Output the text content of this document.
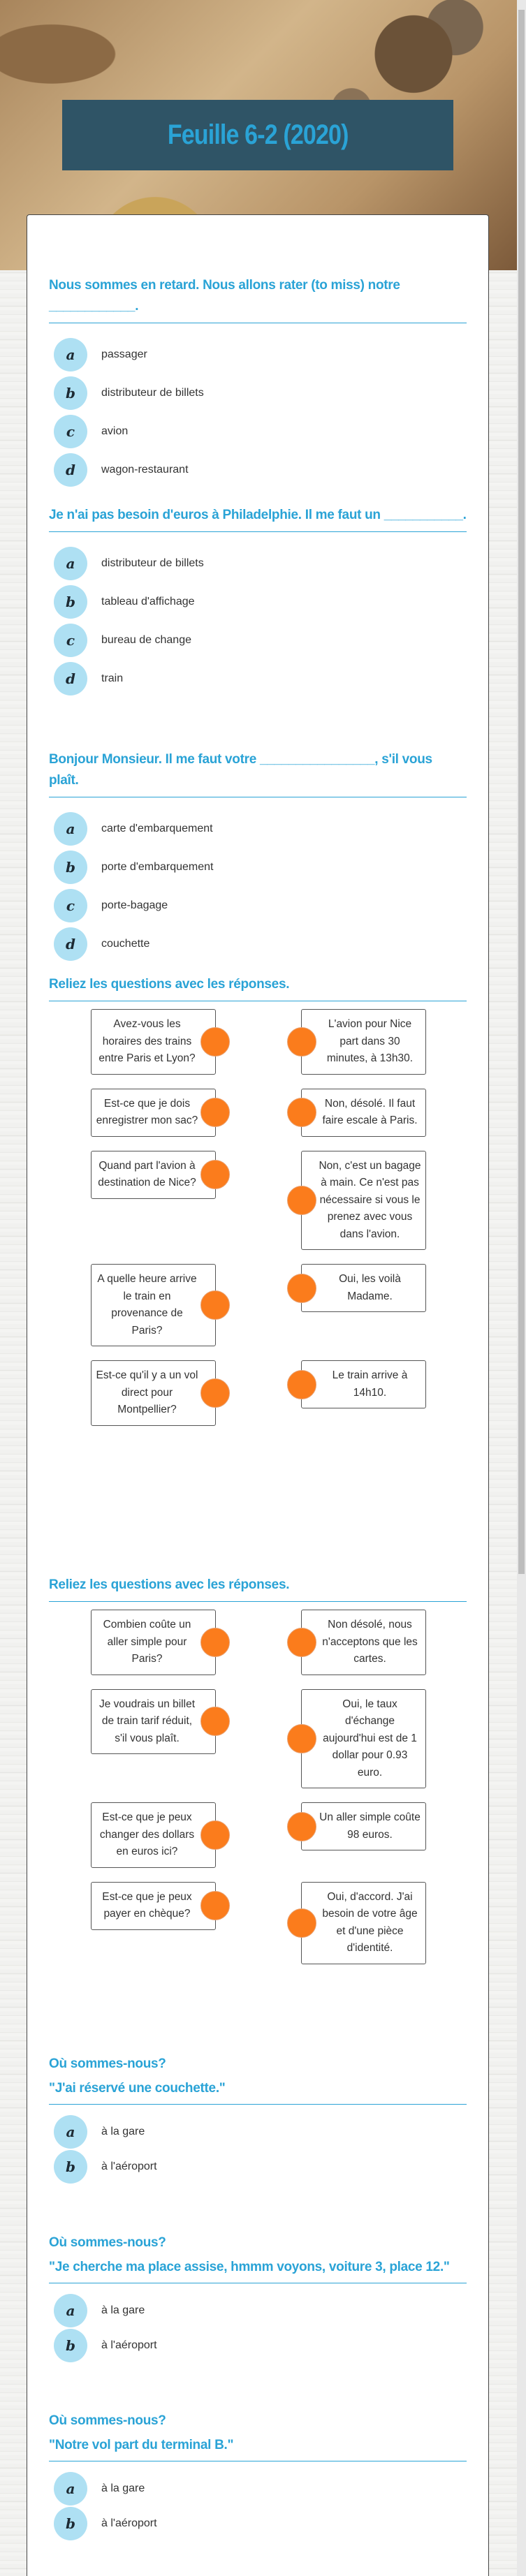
Feuille 6-2 (2020)
Nous sommes en retard. Nous allons rater (to miss) notre
____________.
a	passager
b	distributeur de billets
c	avion
d	wagon-restaurant
Je n'ai pas besoin d'euros à Philadelphie. Il me faut un ___________.
a	distributeur de billets
b	tableau d'affichage
c	bureau de change
d	train
Bonjour Monsieur. Il me faut votre ________________, s'il vous
plaît.
a	carte d'embarquement
b	porte d'embarquement
c	porte-bagage
d	couchette
Reliez les questions avec les réponses.
Avez-vous les horaires des trains entre Paris et Lyon?
L'avion pour Nice part dans 30 minutes, à 13h30.
Est-ce que je dois enregistrer mon sac?
Non, désolé. Il faut faire escale à Paris.
Quand part l'avion à destination de Nice?
Non, c'est un bagage à main. Ce n'est pas nécessaire si vous le prenez avec vous dans l'avion.
A quelle heure arrive le train en provenance de Paris?
Oui, les voilà Madame.
Est-ce qu'il y a un vol direct pour Montpellier?
Le train arrive à 14h10.
Reliez les questions avec les réponses.
Combien coûte un aller simple pour Paris?
Non désolé, nous n'acceptons que les cartes.
Je voudrais un billet de train tarif réduit, s'il vous plaît.
Oui, le taux d'échange aujourd'hui est de 1 dollar pour 0.93 euro.
Est-ce que je peux changer des dollars en euros ici?
Un aller simple coûte 98 euros.
Est-ce que je peux payer en chèque?
Oui, d'accord. J'ai besoin de votre âge et d'une pièce d'identité.
Où sommes-nous?
"J'ai réservé une couchette."
a	à la gare
b	à l'aéroport
Où sommes-nous?
"Je cherche ma place assise, hmmm voyons, voiture 3, place 12."
a	à la gare
b	à l'aéroport
Où sommes-nous?
"Notre vol part du terminal B."
a	à la gare
b	à l'aéroport
